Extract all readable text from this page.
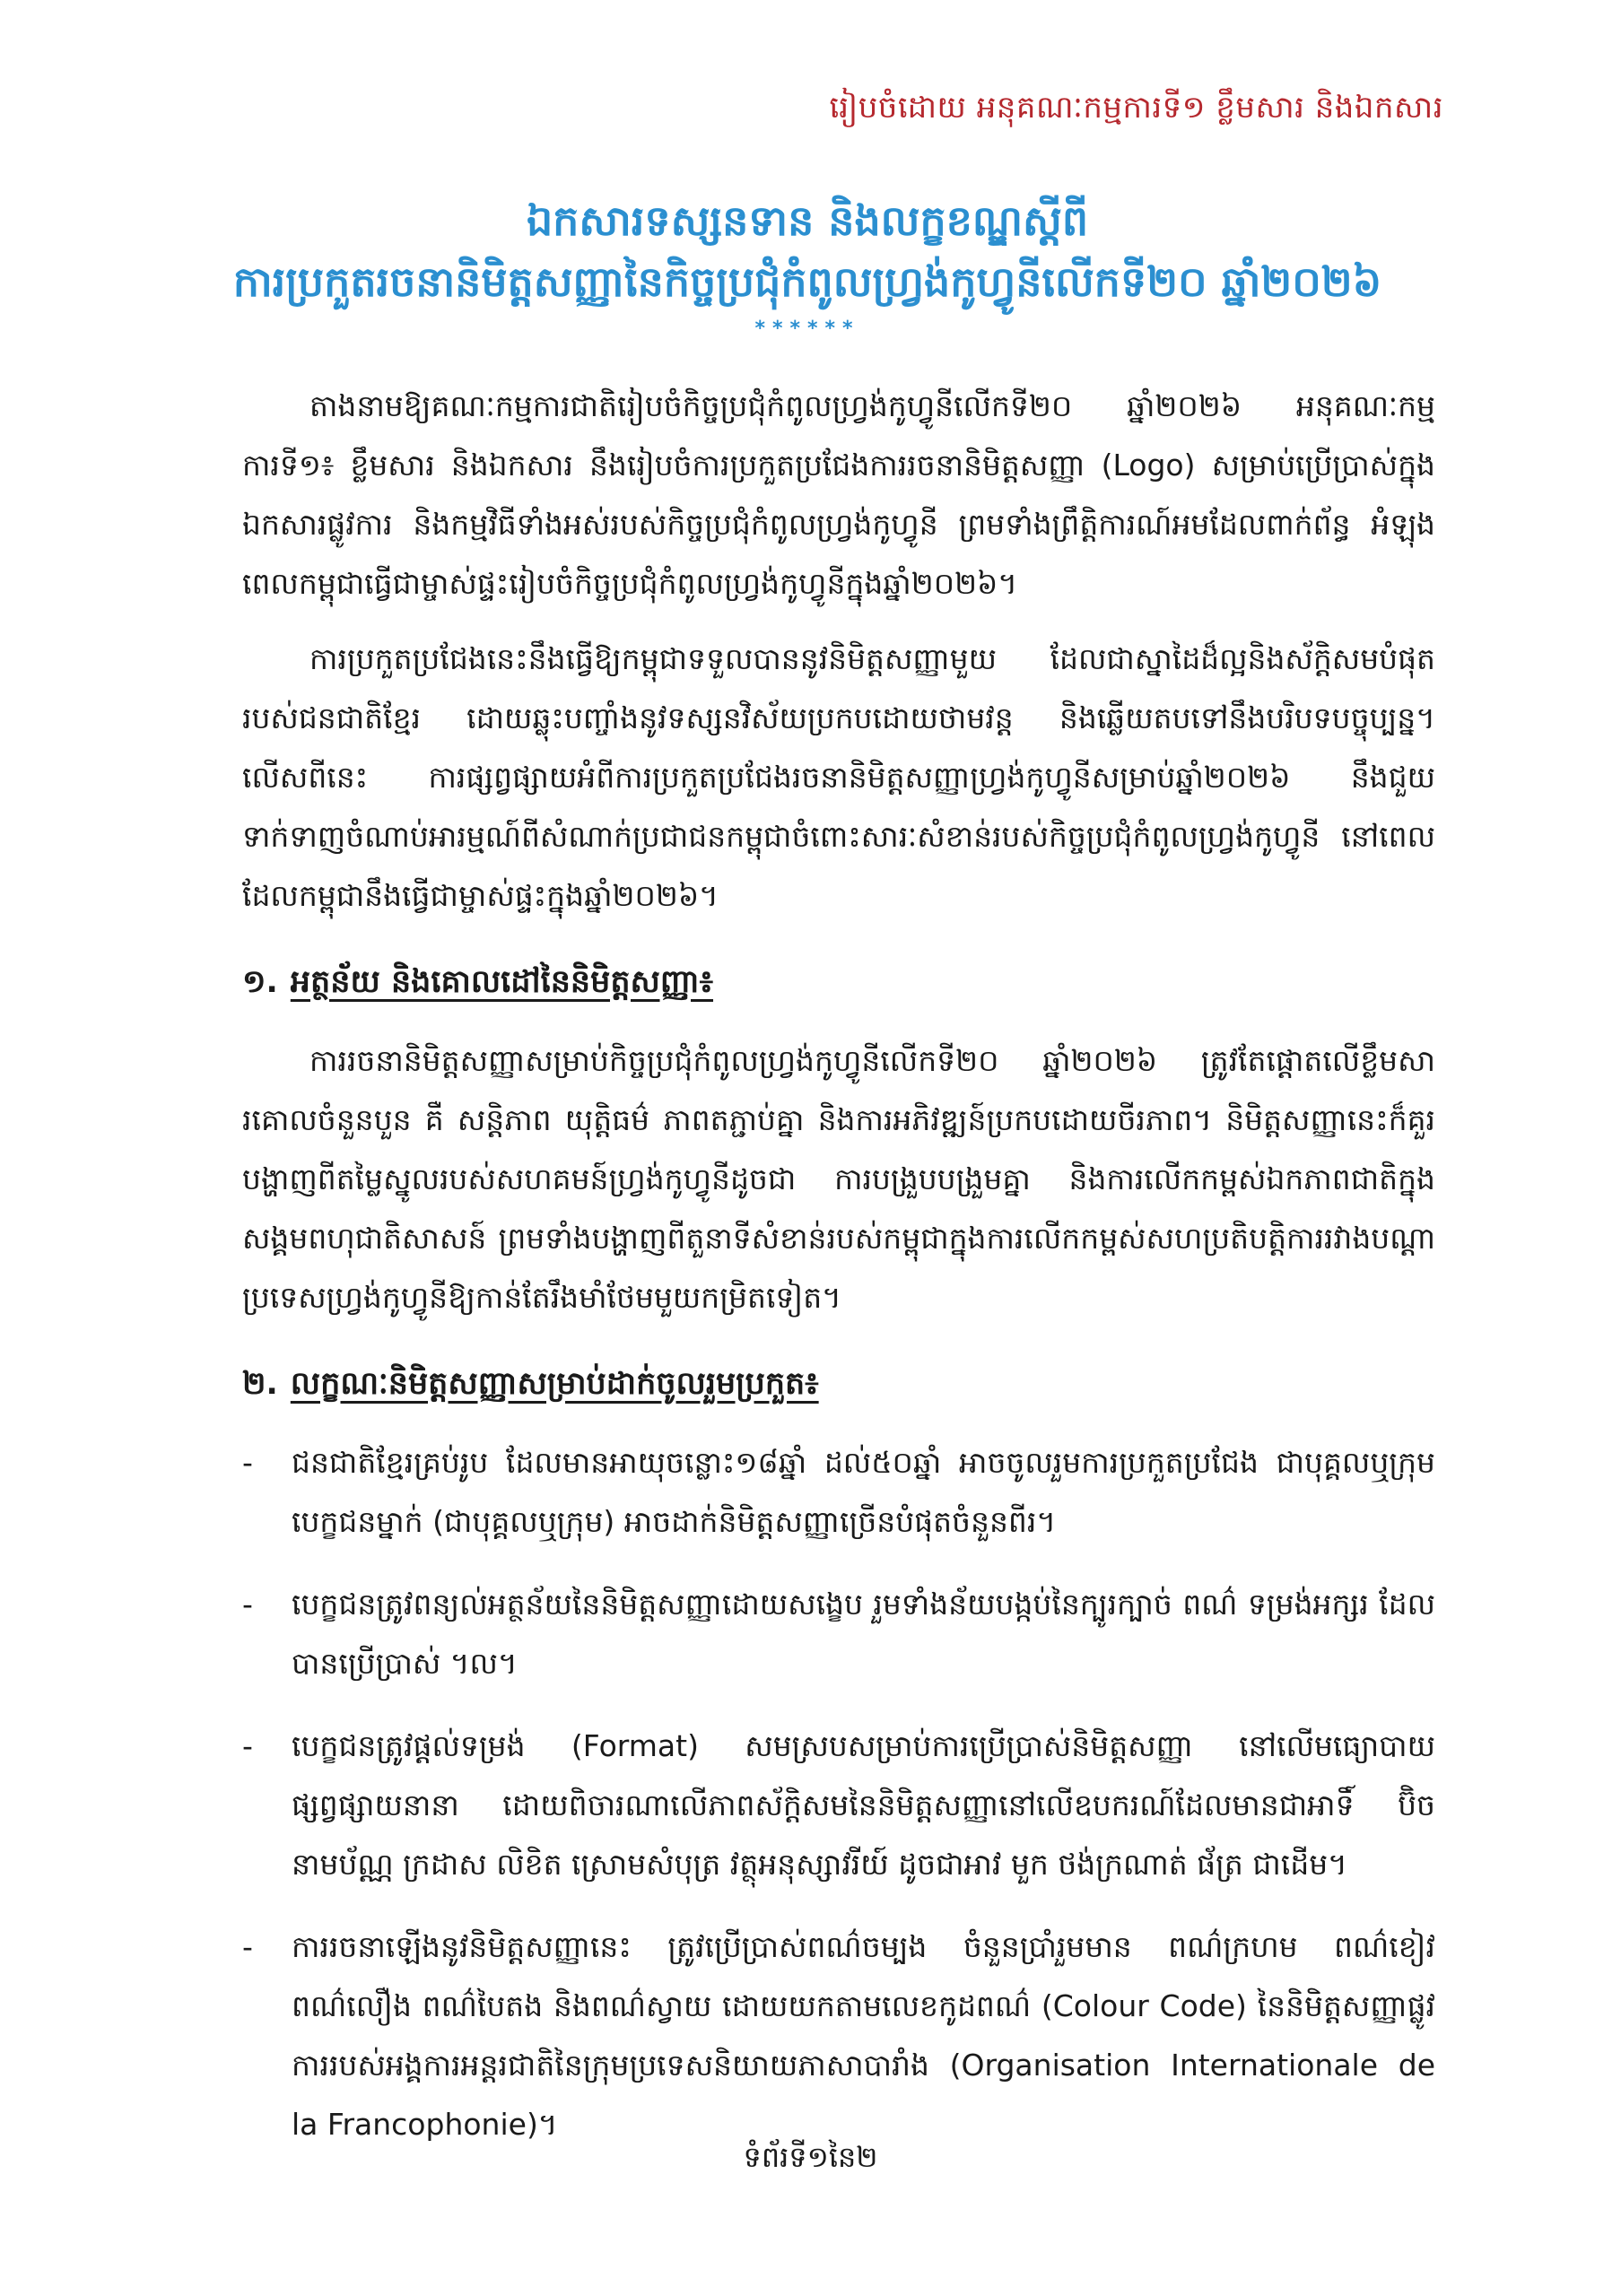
រៀបចំដោយ អនុគណៈកម្មការទី១ ខ្លឹមសារ និងឯកសារ
ឯកសារទស្សនទាន និងលក្ខខណ្ឌស្ដីពី
ការប្រកួតរចនានិមិត្តសញ្ញានៃកិច្ចប្រជុំកំពូលហ្វ្រង់កូហ្វូនីលើកទី២០ ឆ្នាំ២០២៦
******

តាងនាមឱ្យគណៈកម្មការជាតិរៀបចំកិច្ចប្រជុំកំពូលហ្វ្រង់កូហ្វូនីលើកទី២០ ឆ្នាំ២០២៦ អនុគណៈកម្មការទី១៖ ខ្លឹមសារ និងឯកសារ នឹងរៀបចំការប្រកួតប្រជែងការរចនានិមិត្តសញ្ញា (Logo) សម្រាប់ប្រើប្រាស់ក្នុងឯកសារផ្លូវការ និងកម្មវិធីទាំងអស់របស់កិច្ចប្រជុំកំពូលហ្វ្រង់កូហ្វូនី ព្រមទាំងព្រឹត្តិការណ៍អមដែលពាក់ព័ន្ធ អំឡុងពេលកម្ពុជាធ្វើជាម្ចាស់ផ្ទះរៀបចំកិច្ចប្រជុំកំពូលហ្វ្រង់កូហ្វូនីក្នុងឆ្នាំ២០២៦។

ការប្រកួតប្រជែងនេះនឹងធ្វើឱ្យកម្ពុជាទទួលបាននូវនិមិត្តសញ្ញាមួយ ដែលជាស្នាដៃដ៏ល្អនិងស័ក្តិសមបំផុតរបស់ជនជាតិខ្មែរ ដោយឆ្លុះបញ្ចាំងនូវទស្សនវិស័យប្រកបដោយថាមវន្ត និងឆ្លើយតបទៅនឹងបរិបទបច្ចុប្បន្ន។ លើសពីនេះ ការផ្សព្វផ្សាយអំពីការប្រកួតប្រជែងរចនានិមិត្តសញ្ញាហ្វ្រង់កូហ្វូនីសម្រាប់ឆ្នាំ២០២៦ នឹងជួយទាក់ទាញចំណាប់អារម្មណ៍ពីសំណាក់ប្រជាជនកម្ពុជាចំពោះសារៈសំខាន់របស់កិច្ចប្រជុំកំពូលហ្វ្រង់កូហ្វូនី នៅពេលដែលកម្ពុជានឹងធ្វើជាម្ចាស់ផ្ទះក្នុងឆ្នាំ២០២៦។

១. អត្ថន័យ និងគោលដៅនៃនិមិត្តសញ្ញា៖

ការរចនានិមិត្តសញ្ញាសម្រាប់កិច្ចប្រជុំកំពូលហ្វ្រង់កូហ្វូនីលើកទី២០ ឆ្នាំ២០២៦ ត្រូវតែផ្ដោតលើខ្លឹមសារគោលចំនួនបួន គឺ សន្តិភាព យុត្តិធម៌ ភាពតភ្ជាប់គ្នា និងការអភិវឌ្ឍន៍ប្រកបដោយចីរភាព។ និមិត្តសញ្ញានេះក៏គួរបង្ហាញពីតម្លៃស្នូលរបស់សហគមន៍ហ្វ្រង់កូហ្វូនីដូចជា ការបង្រួបបង្រួមគ្នា និងការលើកកម្ពស់ឯកភាពជាតិក្នុងសង្គមពហុជាតិសាសន៍ ព្រមទាំងបង្ហាញពីតួនាទីសំខាន់របស់កម្ពុជាក្នុងការលើកកម្ពស់សហប្រតិបត្តិការរវាងបណ្ដាប្រទេសហ្វ្រង់កូហ្វូនីឱ្យកាន់តែរឹងមាំថែមមួយកម្រិតទៀត។

២. លក្ខណៈនិមិត្តសញ្ញាសម្រាប់ដាក់ចូលរួមប្រកួត៖
- ជនជាតិខ្មែរគ្រប់រូប ដែលមានអាយុចន្លោះ១៨ឆ្នាំ ដល់៥០ឆ្នាំ អាចចូលរួមការប្រកួតប្រជែង ជាបុគ្គលឬក្រុមបេក្ខជនម្នាក់ (ជាបុគ្គលឬក្រុម) អាចដាក់និមិត្តសញ្ញាច្រើនបំផុតចំនួនពីរ។
- បេក្ខជនត្រូវពន្យល់អត្ថន័យនៃនិមិត្តសញ្ញាដោយសង្ខេប រួមទាំងន័យបង្កប់នៃក្បូរក្បាច់ ពណ៌ ទម្រង់អក្សរ ដែលបានប្រើប្រាស់ ។ល។
- បេក្ខជនត្រូវផ្ដល់ទម្រង់ (Format) សមស្របសម្រាប់ការប្រើប្រាស់និមិត្តសញ្ញា នៅលើមធ្យោបាយផ្សព្វផ្សាយនានា ដោយពិចារណាលើភាពស័ក្តិសមនៃនិមិត្តសញ្ញានៅលើឧបករណ៍ដែលមានជាអាទិ៍ ប៊ិច នាមប័ណ្ណ ក្រដាស លិខិត ស្រោមសំបុត្រ វត្ថុអនុស្សាវរីយ៍ ដូចជាអាវ មួក ថង់ក្រណាត់ ផ័ត្រ ជាដើម។
- ការរចនាឡើងនូវនិមិត្តសញ្ញានេះ ត្រូវប្រើប្រាស់ពណ៌ចម្បង ចំនួនប្រាំរួមមាន ពណ៌ក្រហម ពណ៌ខៀវ ពណ៌លឿង ពណ៌បៃតង និងពណ៌ស្វាយ ដោយយកតាមលេខកូដពណ៌ (Colour Code) នៃនិមិត្តសញ្ញាផ្លូវការរបស់អង្គការអន្តរជាតិនៃក្រុមប្រទេសនិយាយភាសាបារាំង (Organisation Internationale de la Francophonie)។
ទំព័រទី១នៃ២
